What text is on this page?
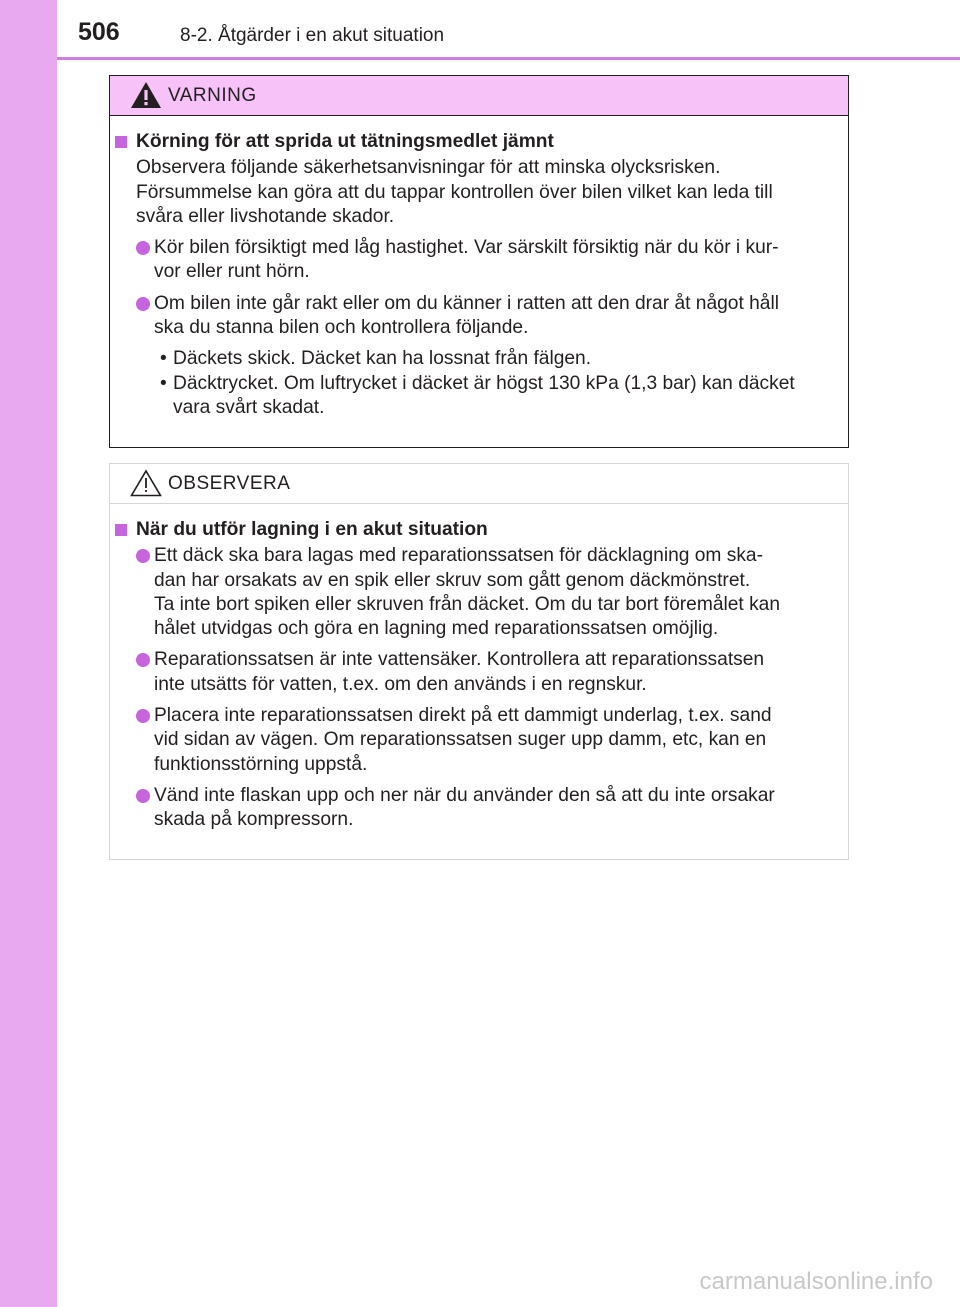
506	8-2. Åtgärder i en akut situation
VARNING
Körning för att sprida ut tätningsmedlet jämnt
Observera följande säkerhetsanvisningar för att minska olycksrisken.
Försummelse kan göra att du tappar kontrollen över bilen vilket kan leda till
svåra eller livshotande skador.
Kör bilen försiktigt med låg hastighet. Var särskilt försiktig när du kör i kur-
vor eller runt hörn.
Om bilen inte går rakt eller om du känner i ratten att den drar åt något håll
ska du stanna bilen och kontrollera följande.
• Däckets skick. Däcket kan ha lossnat från fälgen.
• Däcktrycket. Om luftrycket i däcket är högst 130 kPa (1,3 bar) kan däcket
vara svårt skadat.
OBSERVERA
När du utför lagning i en akut situation
Ett däck ska bara lagas med reparationssatsen för däcklagning om ska-
dan har orsakats av en spik eller skruv som gått genom däckmönstret.
Ta inte bort spiken eller skruven från däcket. Om du tar bort föremålet kan
hålet utvidgas och göra en lagning med reparationssatsen omöjlig.
Reparationssatsen är inte vattensäker. Kontrollera att reparationssatsen
inte utsätts för vatten, t.ex. om den används i en regnskur.
Placera inte reparationssatsen direkt på ett dammigt underlag, t.ex. sand
vid sidan av vägen. Om reparationssatsen suger upp damm, etc, kan en
funktionsstörning uppstå.
Vänd inte flaskan upp och ner när du använder den så att du inte orsakar
skada på kompressorn.
carmanualsonline.info
